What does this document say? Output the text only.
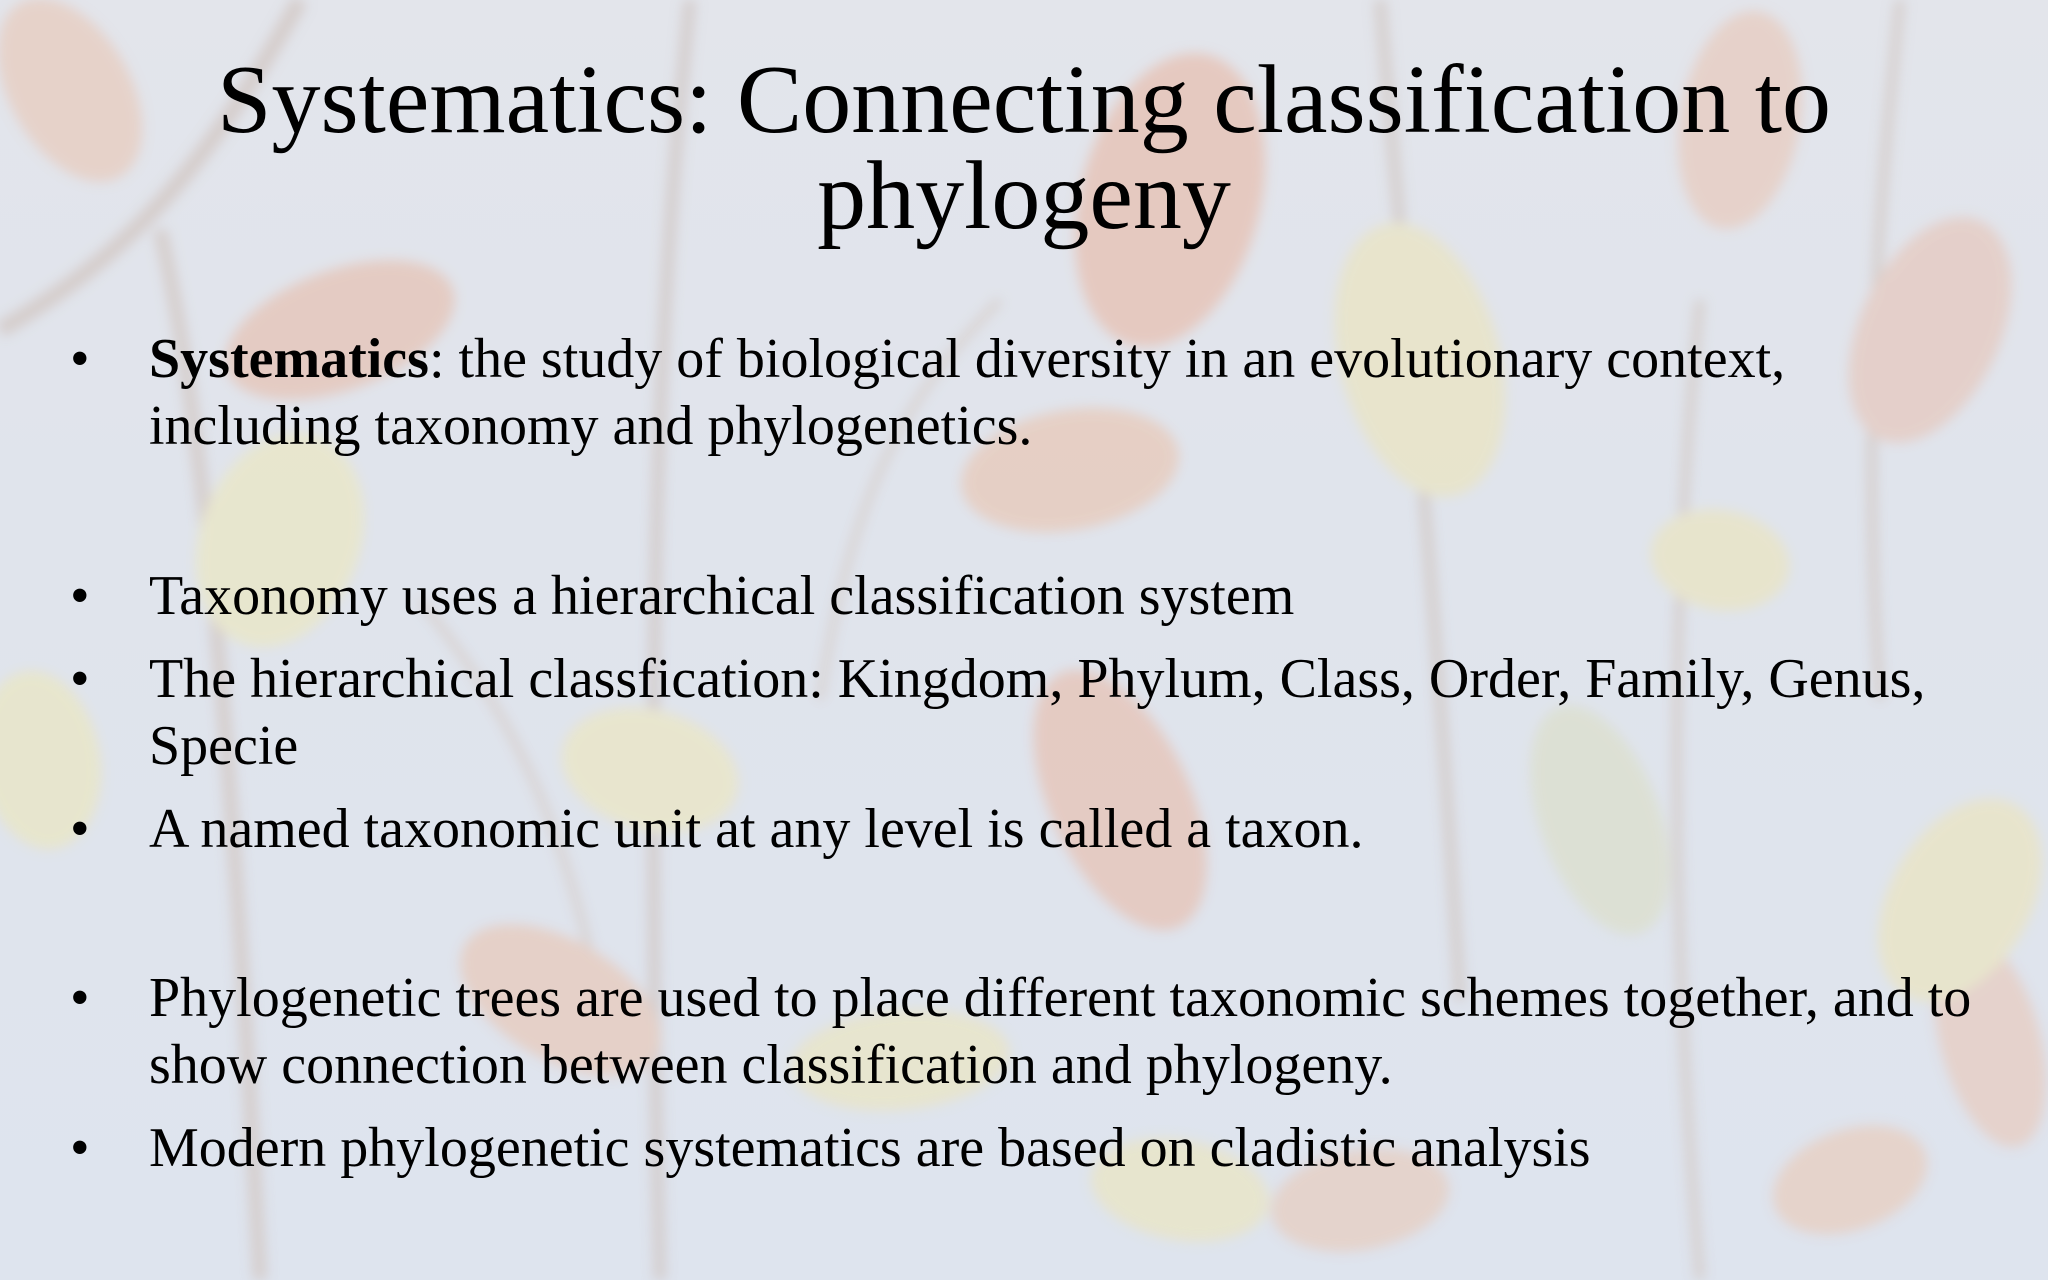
Systematics: Connecting classification to phylogeny
•	Systematics: the study of biological diversity in an evolutionary context, including taxonomy and phylogenetics.
•	Taxonomy uses a hierarchical classification system
•	The hierarchical classfication: Kingdom, Phylum, Class, Order, Family, Genus, Specie
•	A named taxonomic unit at any level is called a taxon.
•	Phylogenetic trees are used to place different taxonomic schemes together, and to show connection between classification and phylogeny.
•	Modern phylogenetic systematics are based on cladistic analysis
